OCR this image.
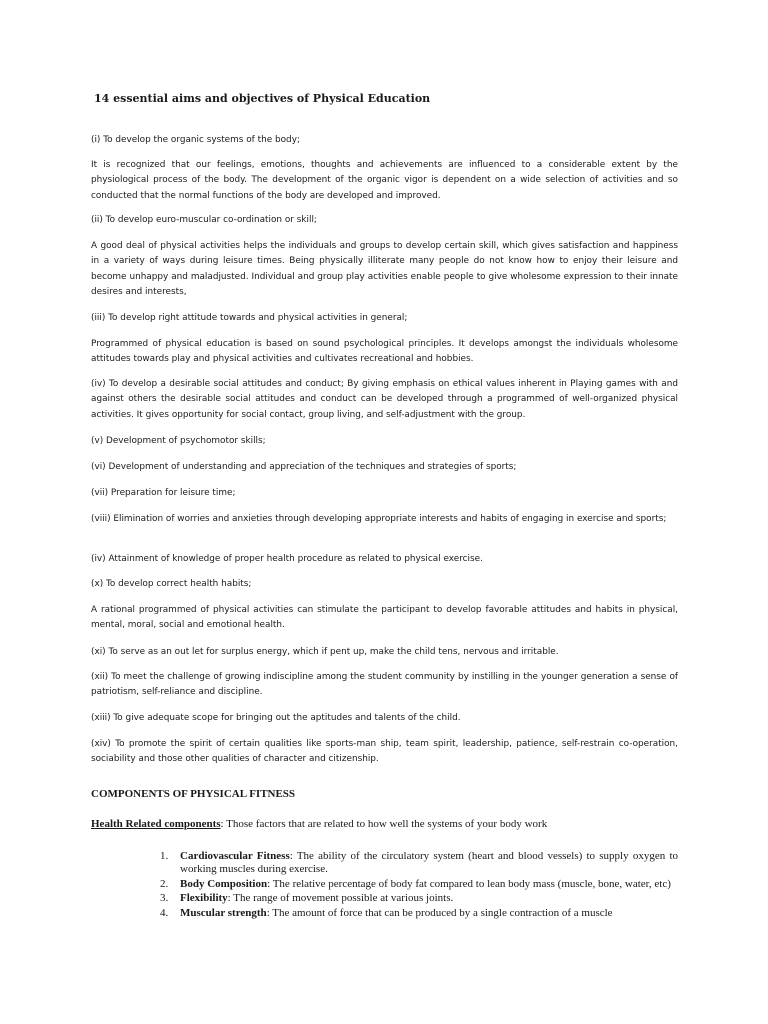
14 essential aims and objectives of Physical Education

(i) To develop the organic systems of the body;

It is recognized that our feelings, emotions, thoughts and achievements are influenced to a considerable extent by the physiological process of the body. The development of the organic vigor is dependent on a wide selection of activities and so conducted that the normal functions of the body are developed and improved.

(ii) To develop euro-muscular co-ordination or skill;

A good deal of physical activities helps the individuals and groups to develop certain skill, which gives satisfaction and happiness in a variety of ways during leisure times. Being physically illiterate many people do not know how to enjoy their leisure and become unhappy and maladjusted. Individual and group play activities enable people to give wholesome expression to their innate desires and interests,

(iii) To develop right attitude towards and physical activities in general;

Programmed of physical education is based on sound psychological principles. It develops amongst the individuals wholesome attitudes towards play and physical activities and cultivates recreational and hobbies.

(iv) To develop a desirable social attitudes and conduct; By giving emphasis on ethical values inherent in Playing games with and against others the desirable social attitudes and conduct can be developed through a programmed of well-organized physical activities. It gives opportunity for social contact, group living, and self-adjustment with the group.

(v) Development of psychomotor skills;

(vi) Development of understanding and appreciation of the techniques and strategies of sports;

(vii) Preparation for leisure time;

(viii) Elimination of worries and anxieties through developing appropriate interests and habits of engaging in exercise and sports;

(iv) Attainment of knowledge of proper health procedure as related to physical exercise.

(x) To develop correct health habits;

A rational programmed of physical activities can stimulate the participant to develop favorable attitudes and habits in physical, mental, moral, social and emotional health.

(xi) To serve as an out let for surplus energy, which if pent up, make the child tens, nervous and irritable.

(xii) To meet the challenge of growing indiscipline among the student community by instilling in the younger generation a sense of patriotism, self-reliance and discipline.

(xiii) To give adequate scope for bringing out the aptitudes and talents of the child.

(xiv) To promote the spirit of certain qualities like sports-man ship, team spirit, leadership, patience, self-restrain co-operation, sociability and those other qualities of character and citizenship.

COMPONENTS OF PHYSICAL FITNESS
Health Related components: Those factors that are related to how well the systems of your body work
1. Cardiovascular Fitness: The ability of the circulatory system (heart and blood vessels) to supply oxygen to working muscles during exercise.
2. Body Composition: The relative percentage of body fat compared to lean body mass (muscle, bone, water, etc)
3. Flexibility: The range of movement possible at various joints.
4. Muscular strength: The amount of force that can be produced by a single contraction of a muscle
